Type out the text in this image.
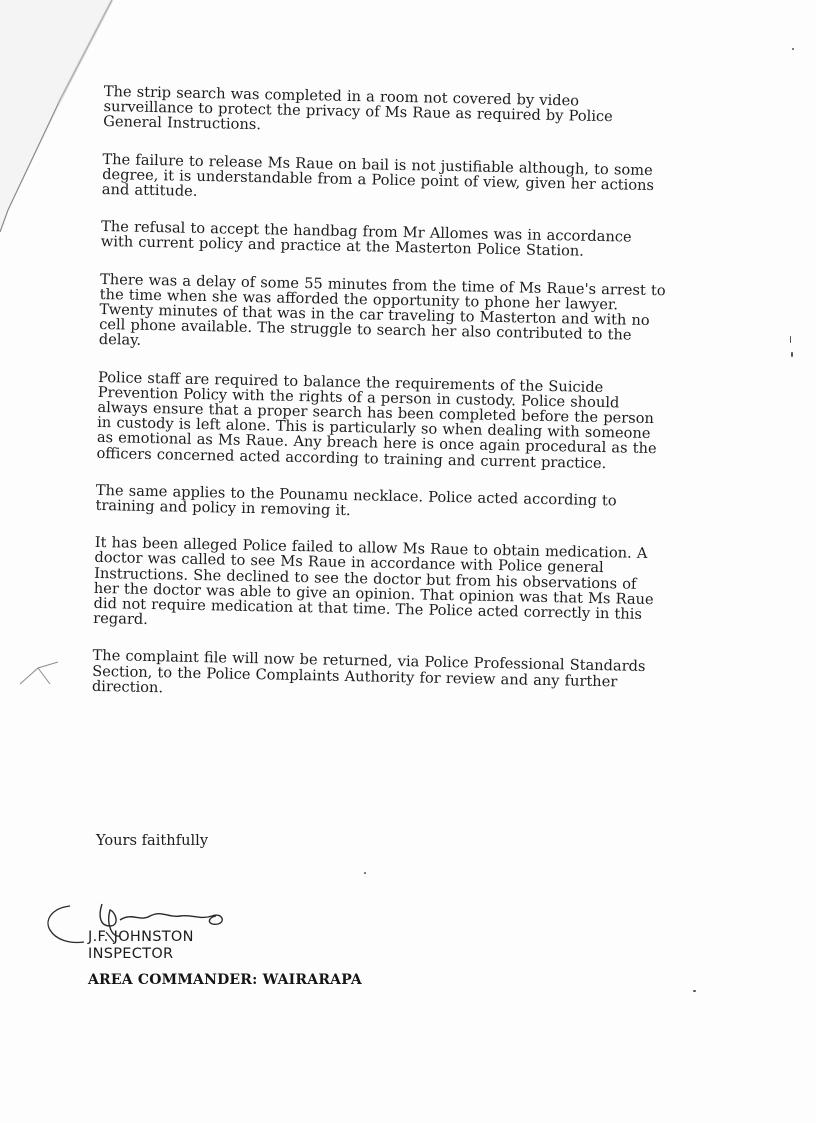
The strip search was completed in a room not covered by video surveillance to protect the privacy of Ms Raue as required by Police General Instructions.

The failure to release Ms Raue on bail is not justifiable although, to some degree, it is understandable from a Police point of view, given her actions and attitude.

The refusal to accept the handbag from Mr Allomes was in accordance with current policy and practice at the Masterton Police Station.

There was a delay of some 55 minutes from the time of Ms Raue's arrest to the time when she was afforded the opportunity to phone her lawyer. Twenty minutes of that was in the car traveling to Masterton and with no cell phone available. The struggle to search her also contributed to the delay.

Police staff are required to balance the requirements of the Suicide Prevention Policy with the rights of a person in custody. Police should always ensure that a proper search has been completed before the person in custody is left alone. This is particularly so when dealing with someone as emotional as Ms Raue. Any breach here is once again procedural as the officers concerned acted according to training and current practice.

The same applies to the Pounamu necklace. Police acted according to training and policy in removing it.

It has been alleged Police failed to allow Ms Raue to obtain medication. A doctor was called to see Ms Raue in accordance with Police general Instructions. She declined to see the doctor but from his observations of her the doctor was able to give an opinion. That opinion was that Ms Raue did not require medication at that time. The Police acted correctly in this regard.

The complaint file will now be returned, via Police Professional Standards Section, to the Police Complaints Authority for review and any further direction.

Yours faithfully

J.F. JOHNSTON

INSPECTOR

AREA COMMANDER: WAIRARAPA
